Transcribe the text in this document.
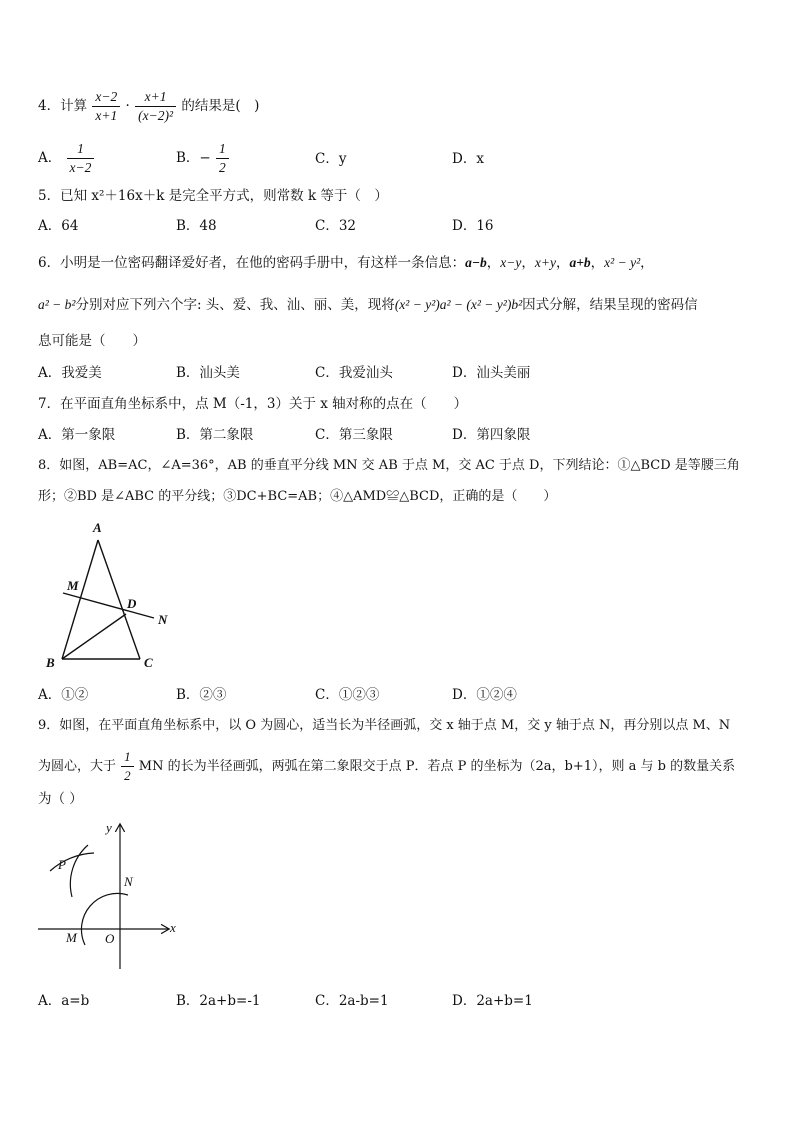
4．计算 $\frac{x-2}{x+1} \cdot \frac{x+1}{\text{(x−2)²}}$ 的结果是(　)
A． $\frac{1}{x-2}$	B．− $\frac{1}{2}$	C．y	D．x
5．已知 x²＋16x＋k 是完全平方式，则常数 k 等于（　）
A．64	B．48	C．32	D．16
6．小明是一位密码翻译爱好者，在他的密码手册中，有这样一条信息：a−b，x−y，x+y，a+b，x² − y²，
a² − b²分别对应下列六个字: 头、爱、我、汕、丽、美，现将(x² − y²)a² − (x² − y²)b²因式分解，结果呈现的密码信
息可能是（　　）
A．我爱美	B．汕头美	C．我爱汕头	D．汕头美丽
7．在平面直角坐标系中，点 M（-1，3）关于 x 轴对称的点在（　　）
A．第一象限	B．第二象限	C．第三象限	D．第四象限
8．如图，AB=AC，∠A=36°，AB 的垂直平分线 MN 交 AB 于点 M，交 AC 于点 D，下列结论：①△BCD 是等腰三角
形；②BD 是∠ABC 的平分线；③DC+BC=AB；④△AMD≌△BCD，正确的是（　　）
A
M
D
N
B	C
A．①②	B．②③	C．①②③	D．①②④
9．如图，在平面直角坐标系中，以 O 为圆心，适当长为半径画弧，交 x 轴于点 M，交 y 轴于点 N，再分别以点 M、N
为圆心，大于 $\frac{1}{2}$ MN 的长为半径画弧，两弧在第二象限交于点 P．若点 P 的坐标为（2a，b+1），则 a 与 b 的数量关系
为（ ）
y
x
P
N
M O
A．a=b	B．2a+b=-1	C．2a-b=1	D．2a+b=1
